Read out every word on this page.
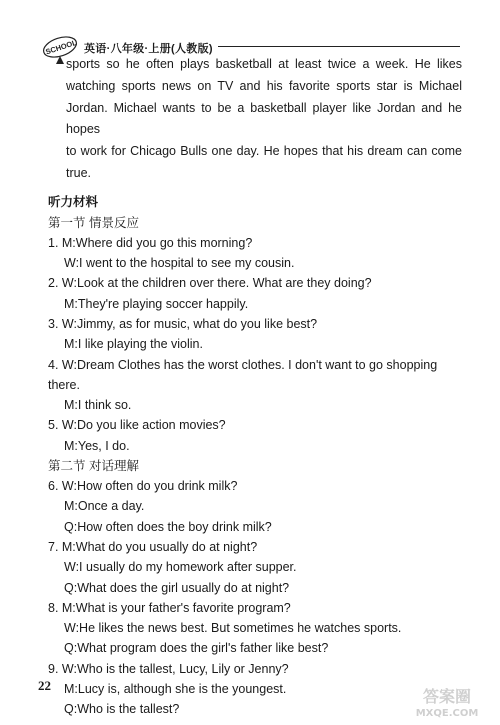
SCHOOL 英语·八年级·上册(人教版)

sports so he often plays basketball at least twice a week. He likes

watching sports news on TV and his favorite sports star is Michael

Jordan. Michael wants to be a basketball player like Jordan and he hopes

to work for Chicago Bulls one day. He hopes that his dream can come

true.

听力材料
第一节 情景反应

1. M:Where did you go this morning?

W:I went to the hospital to see my cousin.

2. W:Look at the children over there. What are they doing?

M:They're playing soccer happily.

3. W:Jimmy, as for music, what do you like best?

M:I like playing the violin.

4. W:Dream Clothes has the worst clothes. I don't want to go shopping there.

M:I think so.

5. W:Do you like action movies?

M:Yes, I do.

第二节 对话理解

6. W:How often do you drink milk?

M:Once a day.

Q:How often does the boy drink milk?

7. M:What do you usually do at night?

W:I usually do my homework after supper.

Q:What does the girl usually do at night?

8. M:What is your father's favorite program?

W:He likes the news best. But sometimes he watches sports.

Q:What program does the girl's father like best?

9. W:Who is the tallest, Lucy, Lily or Jenny?

M:Lucy is, although she is the youngest.

Q:Who is the tallest?

22
答案圈
MXQE.COM
